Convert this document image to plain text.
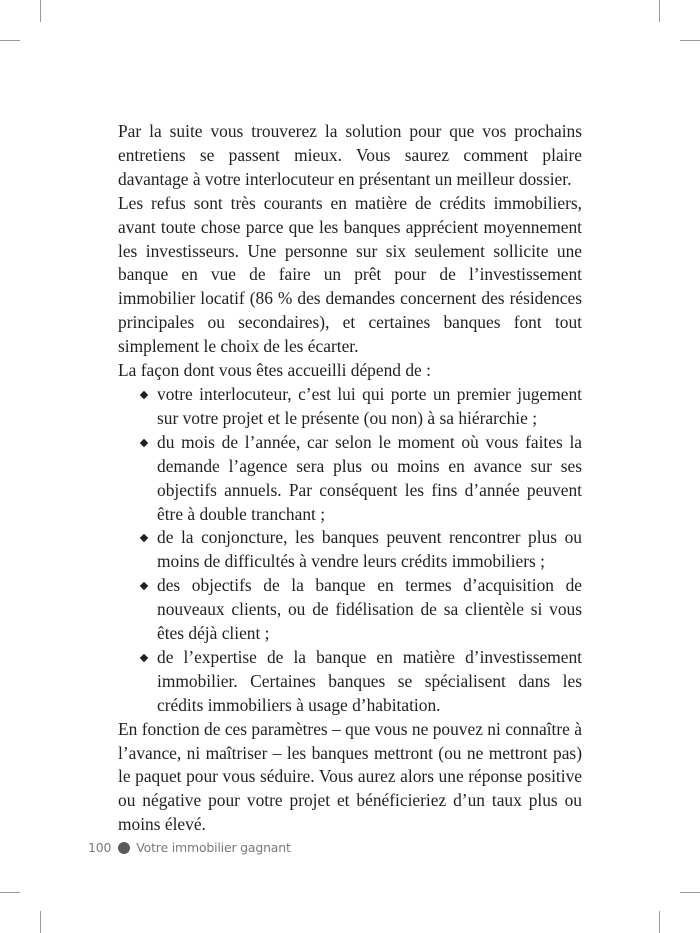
Par la suite vous trouverez la solution pour que vos prochains entretiens se passent mieux. Vous saurez comment plaire davantage à votre interlocuteur en présentant un meilleur dossier.

Les refus sont très courants en matière de crédits immobiliers, avant toute chose parce que les banques apprécient moyennement les investisseurs. Une personne sur six seulement sollicite une banque en vue de faire un prêt pour de l’investissement immobilier locatif (86 % des demandes concernent des résidences principales ou secondaires), et certaines banques font tout simplement le choix de les écarter.

La façon dont vous êtes accueilli dépend de :

votre interlocuteur, c’est lui qui porte un premier jugement sur votre projet et le présente (ou non) à sa hiérarchie ;
du mois de l’année, car selon le moment où vous faites la demande l’agence sera plus ou moins en avance sur ses objectifs annuels. Par conséquent les fins d’année peuvent être à double tranchant ;
de la conjoncture, les banques peuvent rencontrer plus ou moins de difficultés à vendre leurs crédits immobiliers ;
des objectifs de la banque en termes d’acquisition de nouveaux clients, ou de fidélisation de sa clientèle si vous êtes déjà client ;
de l’expertise de la banque en matière d’investissement immobilier. Certaines banques se spécialisent dans les crédits immobiliers à usage d’habitation.

En fonction de ces paramètres – que vous ne pouvez ni connaître à l’avance, ni maîtriser – les banques mettront (ou ne mettront pas) le paquet pour vous séduire. Vous aurez alors une réponse positive ou négative pour votre projet et bénéficieriez d’un taux plus ou moins élevé.

100 Votre immobilier gagnant
